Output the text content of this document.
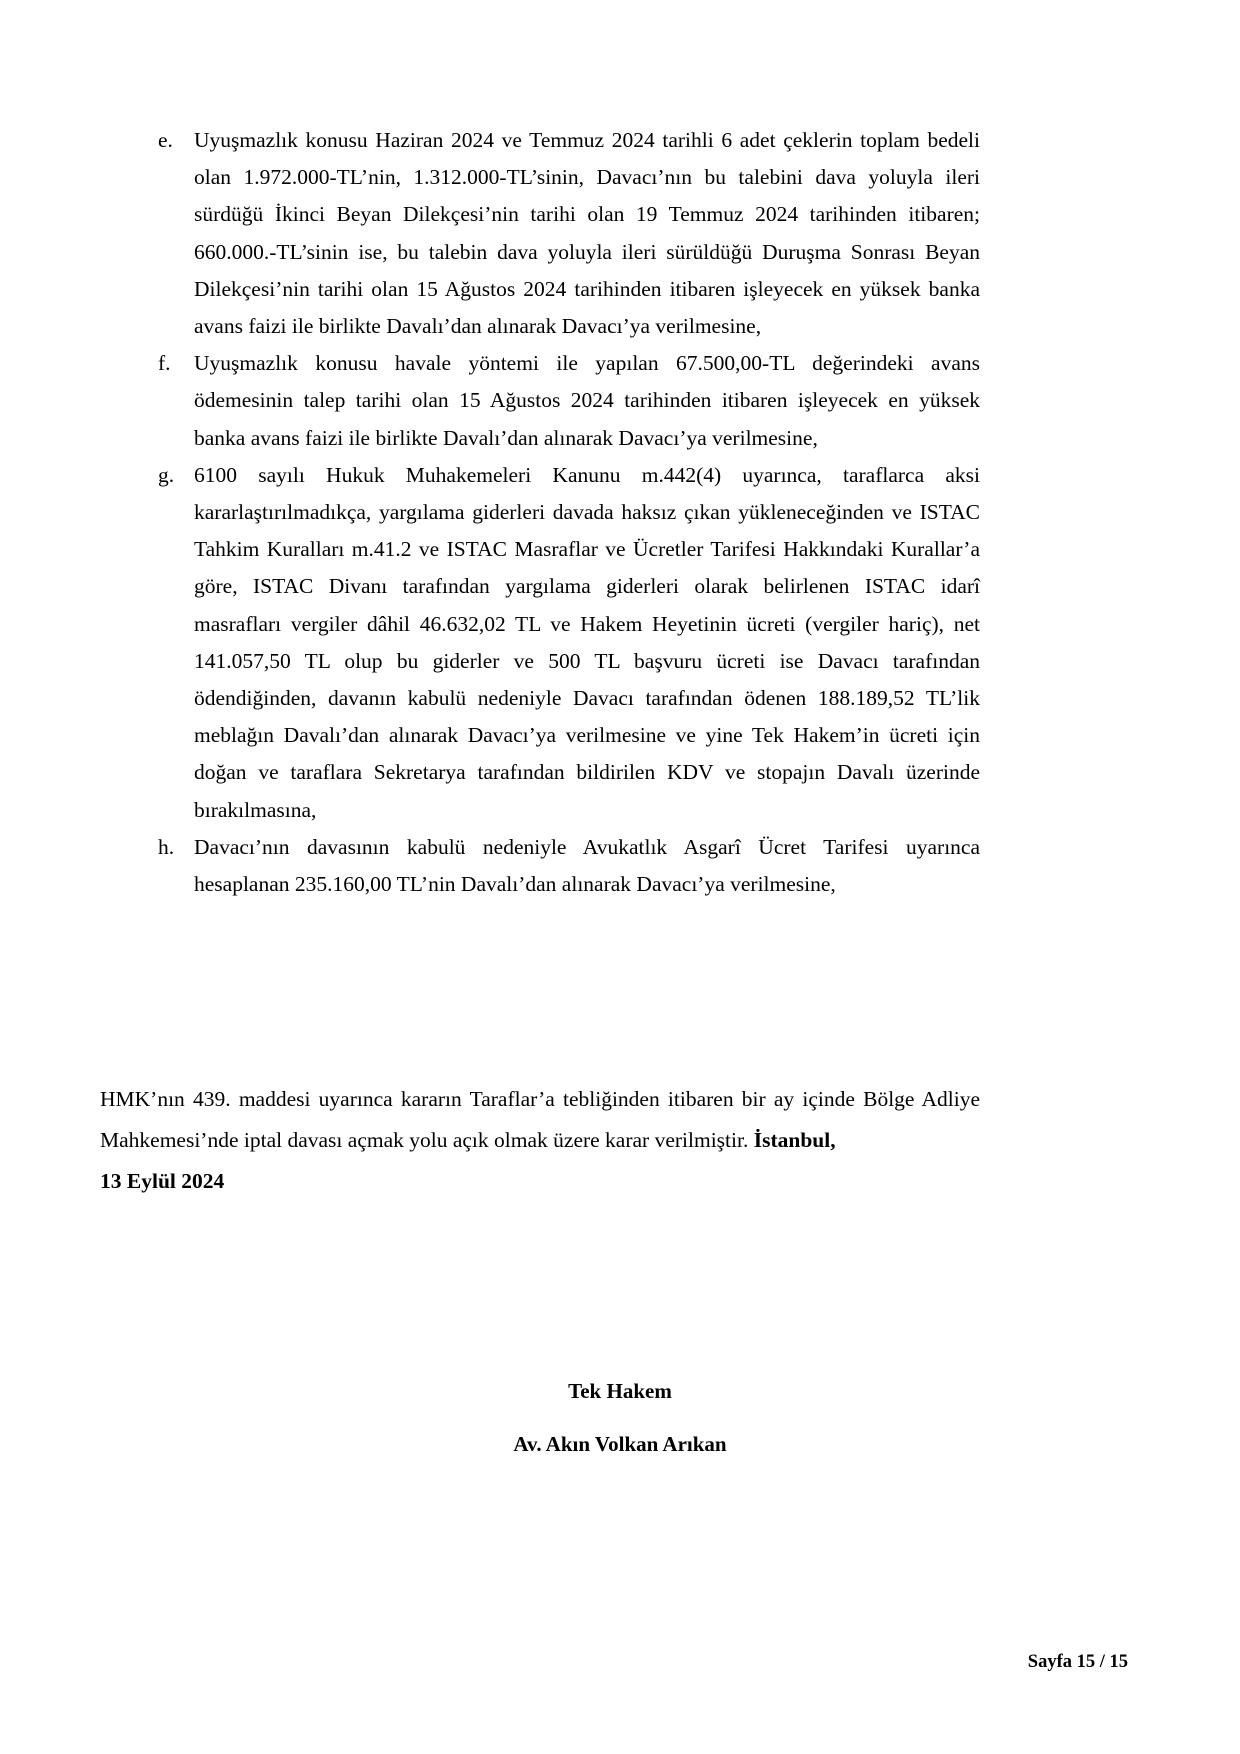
e. Uyuşmazlık konusu Haziran 2024 ve Temmuz 2024 tarihli 6 adet çeklerin toplam bedeli olan 1.972.000-TL’nin, 1.312.000-TL’sinin, Davacı’nın bu talebini dava yoluyla ileri sürdüğü İkinci Beyan Dilekçesi’nin tarihi olan 19 Temmuz 2024 tarihinden itibaren; 660.000.-TL’sinin ise, bu talebin dava yoluyla ileri sürüldüğü Duruşma Sonrası Beyan Dilekçesi’nin tarihi olan 15 Ağustos 2024 tarihinden itibaren işleyecek en yüksek banka avans faizi ile birlikte Davalı’dan alınarak Davacı’ya verilmesine,
f.	Uyuşmazlık konusu havale yöntemi ile yapılan 67.500,00-TL değerindeki avans ödemesinin talep tarihi olan 15 Ağustos 2024 tarihinden itibaren işleyecek en yüksek banka avans faizi ile birlikte Davalı’dan alınarak Davacı’ya verilmesine,
g. 6100 sayılı Hukuk Muhakemeleri Kanunu m.442(4) uyarınca, taraflarca aksi kararlaştırılmadıkça, yargılama giderleri davada haksız çıkan yükleneceğinden ve ISTAC Tahkim Kuralları m.41.2 ve ISTAC Masraflar ve Ücretler Tarifesi Hakkındaki Kurallar’a göre, ISTAC Divanı tarafından yargılama giderleri olarak belirlenen ISTAC idarî masrafları vergiler dâhil 46.632,02 TL ve Hakem Heyetinin ücreti (vergiler hariç), net 141.057,50 TL olup bu giderler ve 500 TL başvuru ücreti ise Davacı tarafından ödendiğinden, davanın kabulü nedeniyle Davacı tarafından ödenen 188.189,52 TL’lik meblağın Davalı’dan alınarak Davacı’ya verilmesine ve yine Tek Hakem’in ücreti için doğan ve taraflara Sekretarya tarafından bildirilen KDV ve stopajın Davalı üzerinde bırakılmasına,
h. Davacı’nın davasının kabulü nedeniyle Avukatlık Asgarî Ücret Tarifesi uyarınca hesaplanan 235.160,00 TL’nin Davalı’dan alınarak Davacı’ya verilmesine,
HMK’nın 439. maddesi uyarınca kararın Taraflar’a tebliğinden itibaren bir ay içinde Bölge Adliye Mahkemesi’nde iptal davası açmak yolu açık olmak üzere karar verilmiştir. İstanbul,
13 Eylül 2024
Tek Hakem
Av. Akın Volkan Arıkan
Sayfa 15 / 15
